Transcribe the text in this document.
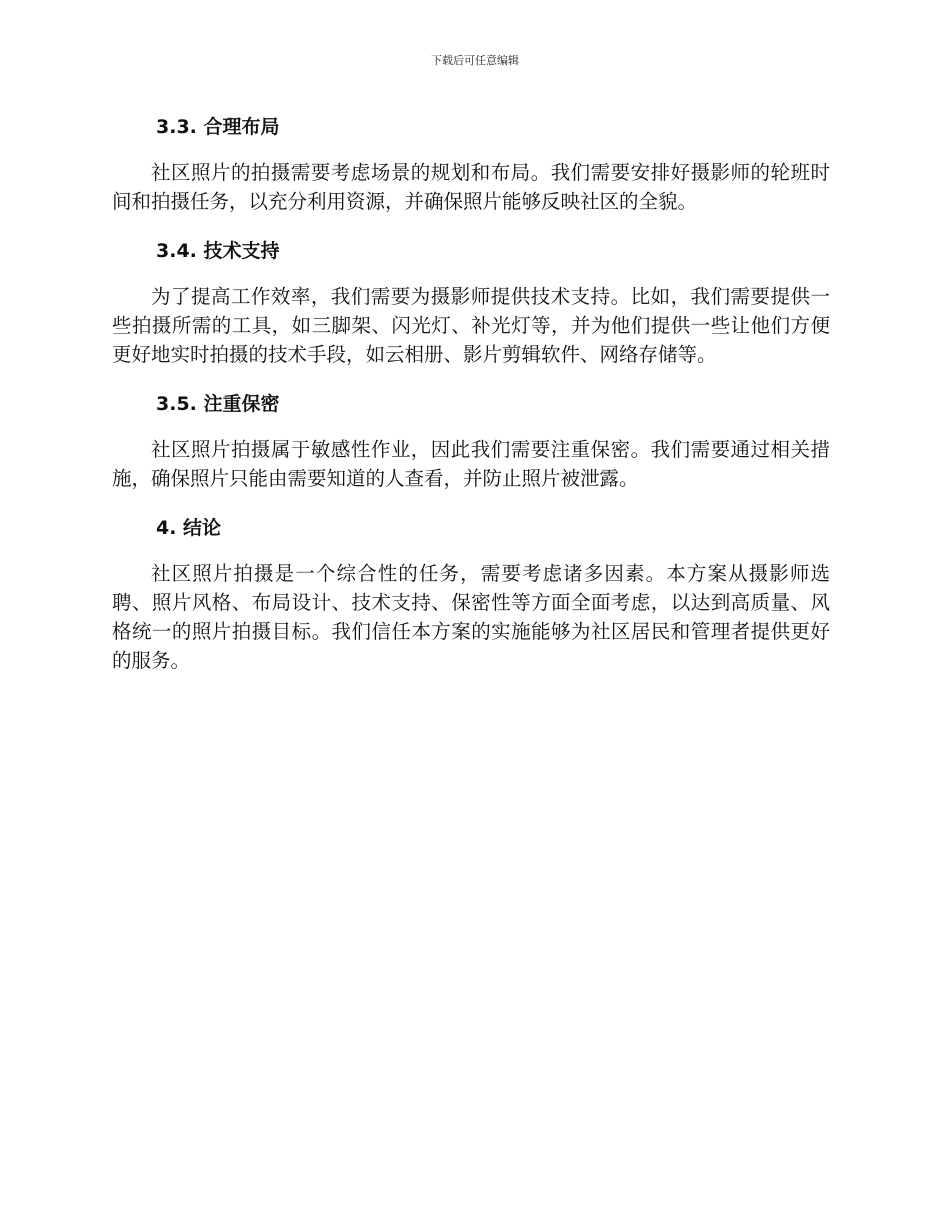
下载后可任意编辑
3.3. 合理布局

社区照片的拍摄需要考虑场景的规划和布局。我们需要安排好摄影师的轮班时间和拍摄任务，以充分利用资源，并确保照片能够反映社区的全貌。

3.4. 技术支持

为了提高工作效率，我们需要为摄影师提供技术支持。比如，我们需要提供一些拍摄所需的工具，如三脚架、闪光灯、补光灯等，并为他们提供一些让他们方便更好地实时拍摄的技术手段，如云相册、影片剪辑软件、网络存储等。

3.5. 注重保密

社区照片拍摄属于敏感性作业，因此我们需要注重保密。我们需要通过相关措施，确保照片只能由需要知道的人查看，并防止照片被泄露。

4. 结论

社区照片拍摄是一个综合性的任务，需要考虑诸多因素。本方案从摄影师选聘、照片风格、布局设计、技术支持、保密性等方面全面考虑，以达到高质量、风格统一的照片拍摄目标。我们信任本方案的实施能够为社区居民和管理者提供更好的服务。
